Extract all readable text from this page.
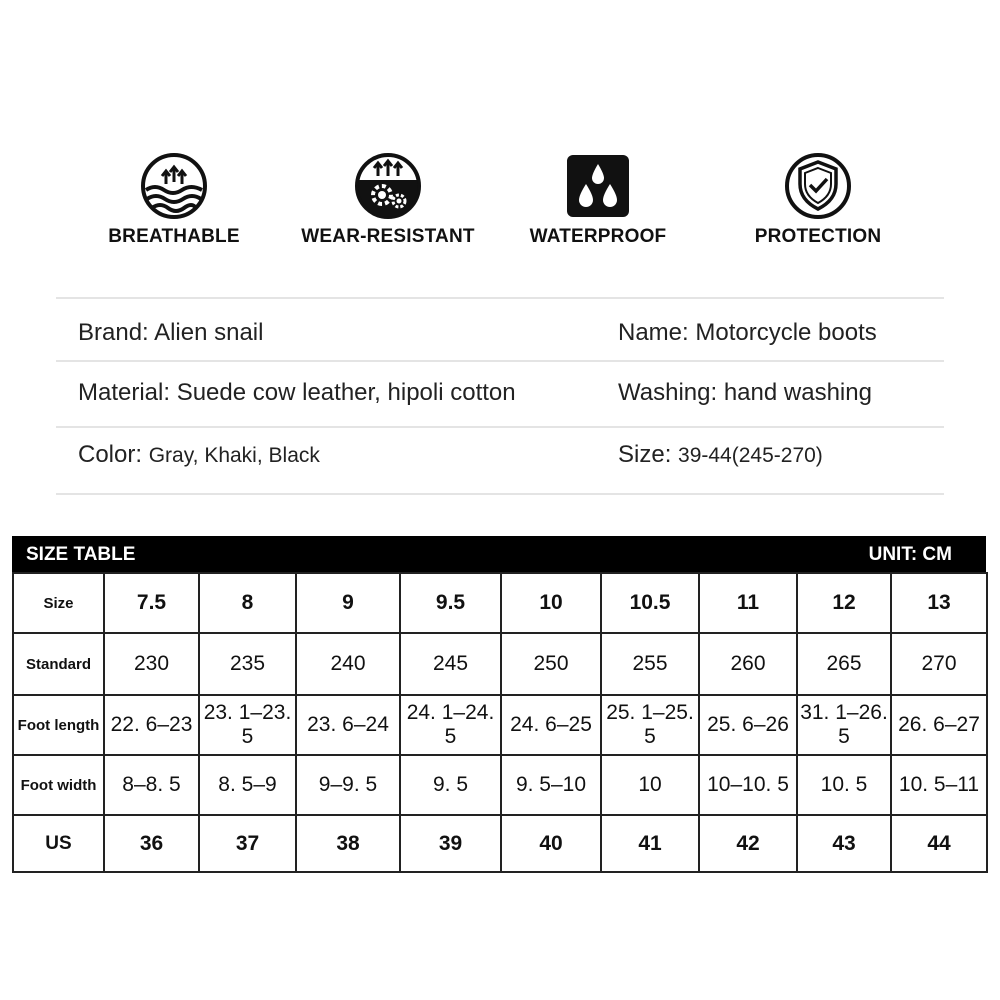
BREATHABLE	WEAR-RESISTANT	WATERPROOF	PROTECTION
Brand: Alien snail	Name: Motorcycle boots
Material: Suede cow leather, hipoli cotton	Washing: hand washing
Color: Gray, Khaki, Black	Size: 39-44(245-270)
SIZE TABLE	UNIT: CM
Size	7.5	8	9	9.5	10	10.5	11	12	13
Standard	230	235	240	245	250	255	260	265	270
Foot length	22. 6–23	23. 1–23. 5	23. 6–24	24. 1–24. 5	24. 6–25	25. 1–25. 5	25. 6–26	31. 1–26. 5	26. 6–27
Foot width	8–8. 5	8. 5–9	9–9. 5	9. 5	9. 5–10	10	10–10. 5	10. 5	10. 5–11
US	36	37	38	39	40	41	42	43	44
